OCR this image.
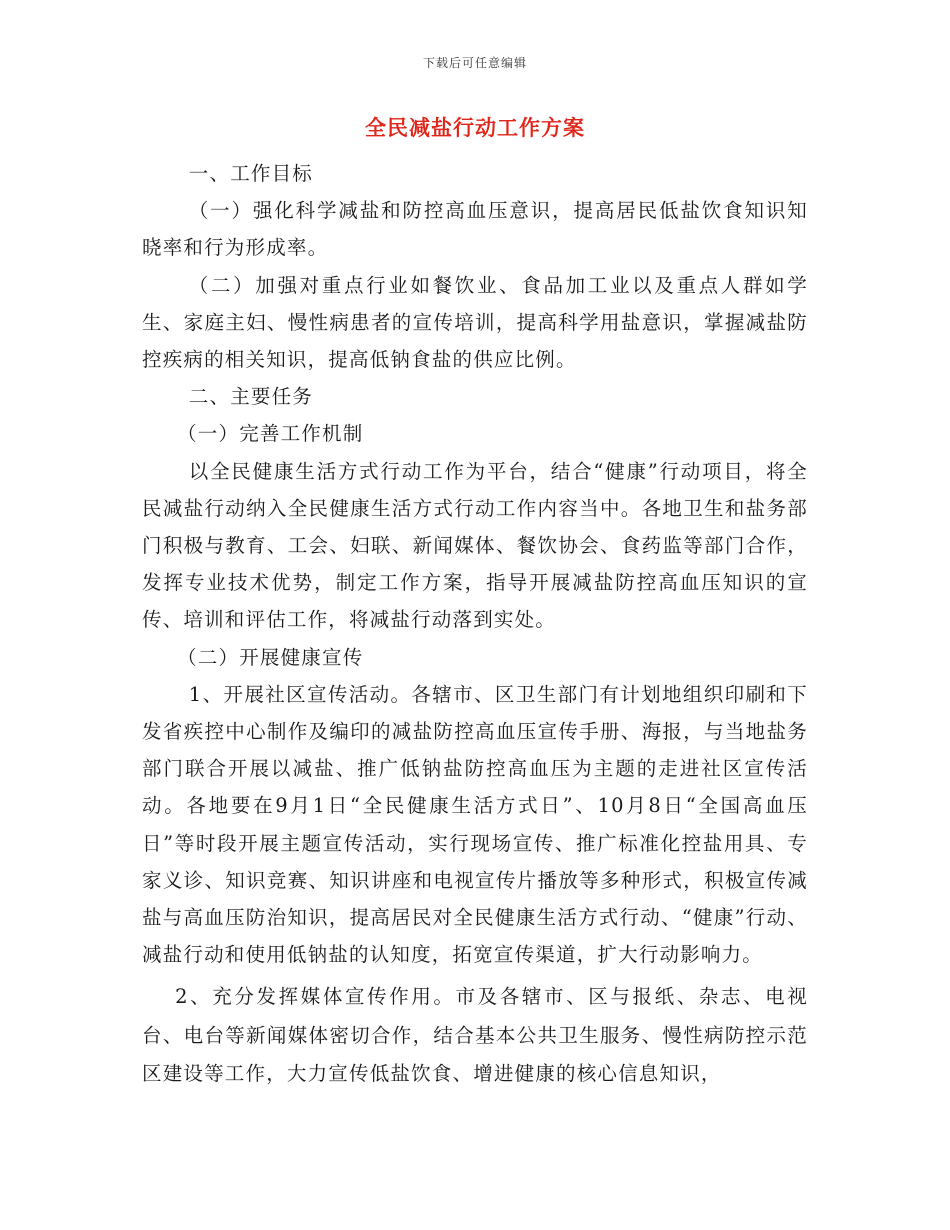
下载后可任意编辑
全民减盐行动工作方案

一、工作目标

（一）强化科学减盐和防控高血压意识，提高居民低盐饮食知识知晓率和行为形成率。

（二）加强对重点行业如餐饮业、食品加工业以及重点人群如学生、家庭主妇、慢性病患者的宣传培训，提高科学用盐意识，掌握减盐防控疾病的相关知识，提高低钠食盐的供应比例。

二、主要任务

（一）完善工作机制

以全民健康生活方式行动工作为平台，结合“健康”行动项目，将全民减盐行动纳入全民健康生活方式行动工作内容当中。各地卫生和盐务部门积极与教育、工会、妇联、新闻媒体、餐饮协会、食药监等部门合作，发挥专业技术优势，制定工作方案，指导开展减盐防控高血压知识的宣传、培训和评估工作，将减盐行动落到实处。

（二）开展健康宣传

1、开展社区宣传活动。各辖市、区卫生部门有计划地组织印刷和下发省疾控中心制作及编印的减盐防控高血压宣传手册、海报，与当地盐务部门联合开展以减盐、推广低钠盐防控高血压为主题的走进社区宣传活动。各地要在9月1日“全民健康生活方式日”、10月8日“全国高血压日”等时段开展主题宣传活动，实行现场宣传、推广标准化控盐用具、专家义诊、知识竞赛、知识讲座和电视宣传片播放等多种形式，积极宣传减盐与高血压防治知识，提高居民对全民健康生活方式行动、“健康”行动、减盐行动和使用低钠盐的认知度，拓宽宣传渠道，扩大行动影响力。

2、充分发挥媒体宣传作用。市及各辖市、区与报纸、杂志、电视台、电台等新闻媒体密切合作，结合基本公共卫生服务、慢性病防控示范区建设等工作，大力宣传低盐饮食、增进健康的核心信息知识，
